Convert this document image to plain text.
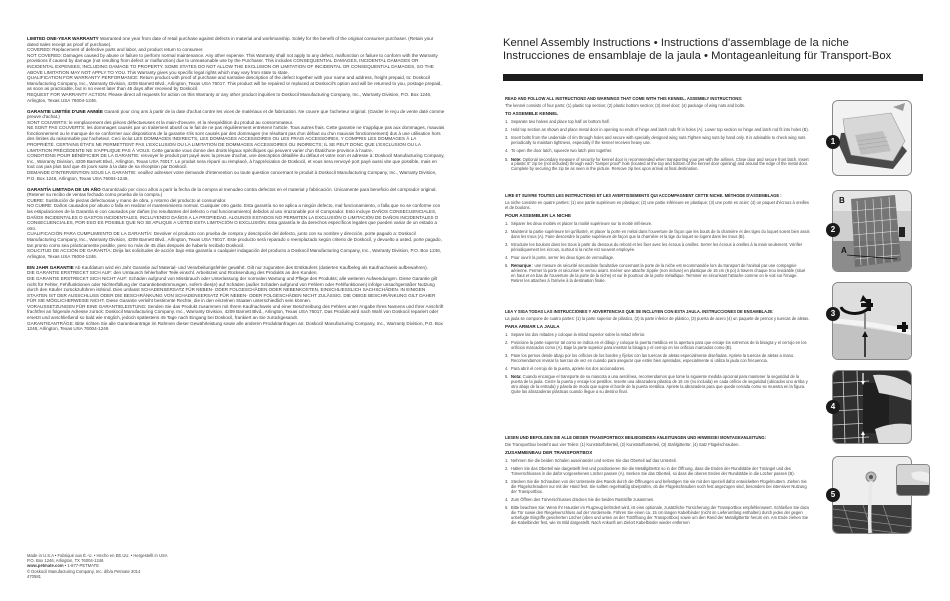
LIMITED ONE-YEAR WARRANTY Warranted one year from date of retail purchase against defects in material and workmanship. Solely for the benefit of the original consumer purchaser. (Retain your dated sales receipt as proof of purchase).

COVERED: Replacement of defective parts and labor, and product return to consumer.

NOT COVERED: Damages caused by abuse or failure to perform normal maintenance. Any other expense. This Warranty shall not apply to any defect, malfunction or failure to conform with the Warranty provisions if caused by damage (not resulting from defect or malfunction) due to unreasonable use by the Purchaser. This includes CONSEQUENTIAL DAMAGES, INCIDENTAL DAMAGES OR INCIDENTAL EXPENSES, INCLUDING DAMAGE TO PROPERTY. SOME STATES DO NOT ALLOW THE EXCLUSION OR LIMITATION OF INCIDENTAL OR CONSEQUENTIAL DAMAGES, SO THE ABOVE LIMITATION MAY NOT APPLY TO YOU. This Warranty gives you specific legal rights which may vary from state to state.

QUALIFICATION FOR WARRANTY PERFORMANCE: Return product with proof of purchase and narrative description of the defect together with your name and address, freight prepaid, to: Doskocil Manufacturing Company, Inc., Warranty Division, 4209 Barnett Blvd., Arlington, Texas USA 76017. This product will be repaired or replaced at Doskocil's option and will be returned to you, postage prepaid, as soon as practicable, but in no event later than 45 days after received by Doskocil.

REQUEST FOR WARRANTY ACTION: Please direct all requests for action on this Warranty or any other product inquiries to Doskocil Manufacturing Company, Inc., Warranty Division, P.O. Box 1246, Arlington, Texas USA 76004-1246.

GARANTIE LIMITÉE D'UNE ANNÉE Garanti pour cinq ans à partir de la date d'achat contre les vices de matériaux et de fabrication. Ne couvre que l'acheteur original. (Garder le reçu de vente daté comme preuve d'achat.)

SONT COUVERTS: le remplacement des pièces défectueuses et la main-d'oeuvre, et la réexpédition du produit au consommateur.

NE SONT PAS COUVERTS: les dommages causés par un traitement abusif ou le fait de ne pas régulièrement entretenir l'article. Tous autres frais. Cette garantie ne s'applique pas aux dommages, mauvais fonctionnement ou le manque de se conformer aux dispositions de la garantie s'ils sont causés par des dommages (ne résultant pas d'un défaut ou d'un mauvais fonctionnement) dus à une utilisation hors des limites du raisonnable par l'acheteur. Ceci inclut LES DOMMAGES INDIRECTS, LES DOMMAGES ACCESSOIRES OU LES FRAIS ACCESSOIRES, Y COMPRIS LES DOMMAGES À LA PROPRIÉTÉ. CERTAINS ÉTATS NE PERMETTENT PAS L'EXCLUSION OU LA LIMITATION DE DOMMAGES ACCESSOIRES OU INDIRECTS; IL SE PEUT DONC QUE L'EXCLUSION OU LA LIMITATION PRÉCÉDENTE NE S'APPLIQUE PAS À VOUS. Cette garantie vous donne des droits légaux spécifiques qui peuvent varier d'un État/d'une province à l'autre.

CONDITIONS POUR BÉNÉFICIER DE LA GARANTIE: renvoyer le produit port payé avec la preuve d'achat, une description détaillée du défaut et votre nom et adresse à: Doskocil Manufacturing Company, Inc., Warranty Division, 4209 Barnett Blvd., Arlington, Texas USA 76017. Le produit sera réparé ou remplacé, à l'appréciation de Doskocil, et vous sera renvoyé port payé aussi vite que possible, mais en tout cas pas plus tard que 45 jours suite à la date de sa réception par Doskocil.

DEMANDE D'INTERVENTION SOUS LA GARANTIE: veuillez adresser votre demande d'intervention ou toute question concernant le produit à Doskocil Manufacturing Company, Inc., Warranty Division, P.O. Box 1246, Arlington, Texas USA 76004-1246.

GARANTÍA LIMITADA DE UN AÑO Garantizado por cinco años a parir la fecha de la compra al menudeo contra defectos en el material y fabricación. Únicamente para beneficio del comprador original. (Retener su recibo de ventas fechado como prueba de la compra.)

CUBRE: Sustitución de piezas defectuosas y mano de obra, y retorno del producto al consumidor.

NO CUBRE: Daños causados por abuso o falla en realizar el mantenimiento normal. Cualquier otro gasto. Esta garantía no se aplica a ningún defecto, mal funcionamiento, o falla que no se conforme con las estipulaciones de la Garantía si con causados por daños (no resultantes del defecto o mal funcionamiento) debidos al uso irrazonable por el Comprador. Esto incluye DAÑOS CONSECUENCIALES, DAÑOS INCIDENTALES O GASTOS INCIDENTALES, INCLUYENDO DAÑOS A LA PROPIEDAD. ALGUNOS ESTADOS NO PERMITEN LA EXCLUSIÓN O LIMITACIÓN DE DAÑOS INCIDENTALES O CONSECUENCIALES, POR ESO ES POSIBLE QUE NO SE APLIQUE A USTED ESTA LIMITACIÓN O EXCLUSIÓN. Esta garantía le da derechos específicos legales que pueden variar de un estado a otro.

CUALIFICACIÓN PARA CUMPLIMIENTO DE LA GARANTÍA: Devolver el producto con prueba de compra y descripción del defecto, junto con su nombre y dirección, porte pagado a: Doskocil Manufacturing Company, Inc., Warranty Division, 4209 Barnett Blvd., Arlington, Texas USA 76017. Este producto será reparado o reemplazado según criterio de Doskocil, y devuelto a usted, porte pagado, tan pronto como sea prácticamente posible, pero no más de 45 días después de haberlo recibido Doskocil.

SOLICITUD DE ACCIÓN DE GARANTÍA: Dirija las solicitudes de acción bajo esta garantía o cualquier indagación del producto a Doskocil Manufacturing Company, Inc., Warranty Division, P.O. Box 1246, Arlington, Texas USA 76004-1246.

EIN JAHR GARANTIE Ab Kaufdatum wird ein Jahr Garantie auf Material- und Verarbeitungsfehler gewährt. Gilt nur zugunsten des Erstkäufers (datierten Kaufbeleg als Kaufnachweis aufbewahren).

DIE GARANTIE ERSTRECKT SICH AUF: den Umtausch fehlerhafter Teile einschl. Arbeitszeit und Rücksendung des Produkts an den Kunden.

DIE GARANTIE ERSTRECKT SICH NICHT AUF: Schäden aufgrund von Missbrauch oder Unterlassung der normalen Wartung und Pflege des Produkts; alle weiteren Aufwendungen. Diese Garantie gilt nicht für Fehler, Fehlfunktionen oder Nichterfüllung der Garantiebestimmungen, sofern dies(e) auf Schäden (außer Schäden aufgrund von Fehlern oder Fehlfunktionen) infolge unsachgemäßer Nutzung durch den Käufer zurückzuführen ist/sind. Dies umfasst SCHADENSERSATZ FÜR NEBEN- ODER FOLGESCHÄDEN ODER NEBENKOSTEN, EINSCHLIESSLICH SACHSCHÄDEN. IN EINIGEN STAATEN IST DER AUSSCHLUSS ODER DIE BESCHRÄNKUNG VON SCHADENSERSATZ FÜR NEBEN- ODER FOLGESCHÄDEN NICHT ZULÄSSIG. DIE OBIGE BESCHRÄNKUNG GILT DAHER FÜR SIE MÖGLICHERWEISE NICHT. Diese Garantie verleiht bestimmte Rechte, die in den einzelnen Staaten unterschiedlich sein können.

VORAUSSETZUNGEN FÜR EINE GARANTIELEISTUNG: Senden Sie das Produkt zusammen mit Ihrem Kaufnachweis und einer Beschreibung des Fehlers unter Angabe Ihres Namens und Ihrer Anschrift frachtfrei an folgende Adresse zurück: Doskocil Manufacturing Company, Inc., Warranty Division, 4209 Barnett Blvd., Arlington, Texas USA 76017. Das Produkt wird nach Wahl von Doskocil repariert oder ersetzt und anschließend so bald wie möglich, jedoch spätestens 45 Tage nach Eingang bei Doskocil, frankiert an Sie zurückgesandt.

GARANTIEANTRÄGE: Bitte richten Sie alle Garantieanträge im Rahmen dieser Gewährleistung sowie alle anderen Produktanfragen an: Doskocil Manufacturing Company, Inc., Warranty Division, P.O. Box 1246, Arlington, Texas USA 76004-1246

Made in U.S.A • Fabriqué aux É.-U. • Hecho en EE.UU. • Hergestellt in USA
P.O. Box 1246, Arlington, TX 76004-1246
www.petmate.com • 1-877-PETMATE
© Doskocil Manufacturing Company, Inc. d/b/a Petmate 2014
470581
Kennel Assembly Instructions • Instructions d'assemblage de la niche
Instrucciones de ensamblaje de la jaula • Montageanleitung für Transport-Box
READ AND FOLLOW ALL INSTRUCTIONS AND WARNINGS THAT COME WITH THIS KENNEL. ASSEMBLY INSTRUCTIONS:
The kennel consists of four parts: (1) plastic top section; (2) plastic bottom section; (3) steel door; (4) package of wing nuts and bolts.
TO ASSEMBLE KENNEL
1. Separate two halves and place top half on bottom half.
2. Hold top section as shown and place metal door in opening so ends of hinge and latch rods fit in holes (A). Lower top section so hinge and latch rod fit into holes (B).
3. Insert bolts from the underside of rim through holes and secure with specially designed wing nuts.Tighten wing nuts by hand only. It is advisable to check wing nuts periodically to maintain tightness, especially if the kennel receives heavy use.
4. To open the door latch, squeeze two latch pins together.
5. Note: Optional secondary measure of security for kennel door is recommended when transporting your pet with the airlines. Close door and secure front latch. Insert a plastic 6" zip tie (not included) through each "tamper proof" hole (located at the top and bottom of the kennel door opening) and around the edge of the metal door. Complete by securing the zip tie as seen in the picture. Remove zip ties upon arrival at final destination.
LIRE ET SUIVRE TOUTES LES INSTRUCTIONS ET LES AVERTISSEMENTS QUI ACCOMPAGNENT CETTE NICHE. MÉTHODE D'ASSEMBLAGE :
La niche consiste en quatre parties: (1) une partie supérieure en plastique; (2) une partie inférieure en plastique; (3) une porte en acier; (4) un paquet d'écrous à oreilles et de boulons.
POUR ASSEMBLER LA NICHE
1. Séparer les deux moitiés et placer la moitié supérieure sur la moitié inférieure.
2. Maintenir la partie supérieure tel qu'illustré, et placer la porte en métal dans l'ouverture de façon que les bouts de la charnière et des tiges du loquet soient bien assis dans les trous (A). Faire descendre la partie supérieure de façon que la charnière et la tige du loquet se logent dans les trous (B).
3. Introduire les boulons dans les trous à partir du dessous du rebord et les fixer avec les écrous à oreilles. Serrer les écrous à oreilles à la main seulement. Vérifier périodiquement les écrous, surtout si la niche est souvent employée.
4. Pour ouvrir la porte, serrer les deux tiges de verrouillage.
5. Remarque : une mesure de sécurité secondaire facultative concernant la porte de la niche est recommandée lors du transport de l'animal par une compagnie aérienne. Fermer la porte et sécuriser le verrou avant. Insérer une attache zippée (non incluse) en plastique de 15 cm (6 po) à travers chaque trou inviolable (situé en haut et en bas de l'ouverture de la porte de la niche) et sur le pourtour de la porte métallique. Terminer en sécurisant l'attache comme on le voit sur l'image. Retirer les attaches à l'arrivée à la destination finale.
LEA Y SIGA TODAS LAS INSTRUCCIONES Y ADVERTENCIAS QUE SE INCLUYEN CON ESTA JAULA. INSTRUCCIONES DE ENSAMBLAJE:
La jaula se compone de cuatro partes: (1) la parte superior de plástico, (2) la parte inferior de plástico, (3) puerta de acero (4) un paquete de pernos y tuercas de aletas.
PARA ARMAR LA JAULA
1. Separe las dos mitades y coloque la mitad superior sobre la mitad inferior.
2. Posicione la parte superior tal como se indica en el dibujo y coloque la puerta metálica en la apertura para que encaje los extremos de la bisagra y el cerrojo en los orificios marcados como (A). Baje la parte superior para insertar la bisagra y el cerrojo en los orificios marcados como (B).
3. Pase los pernos desde abajo por los orificios de los bordes y fíjelos con las tuercas de aletas especialmente diseñadas. Apriete la tuercas de aletas a mano. Recomendamos revisar la tuercas de vez en cuando para asegurar que estén bien apretadas, especialmente si utiliza la jaula con frecuencia.
4. Para abrir el cerrojo de la puerta, apriete los dos accionadores.
5. Nota: Cuando encargue el transporte de su mascota a una aerolínea, recomendamos que tome la siguiente medida opcional para mantener la seguridad de la puerta de la jaula. Cierre la puerta y encaje los pestillos. Inserte una abrazadera plástica de 15 cm (no incluida) en cada orificio de seguridad (ubicados uno arriba y otro abajo de la entrada) y pásela de modo que sujete el borde de la puerta metálica. Apriete la abrazadera para que quede cerrada como se muestra en la figura. Quite las abrazaderas plásticas cuando llegue a su destino final.
LESEN UND BEFOLGEN SIE ALLE DIESER TRANSPORTBOX BEILIEGENDEN ANLEITUNGEN UND HINWEISE! MONTAGEANLEITUNG:
Die Transportbox besteht aus vier Teilen: (1) Kunststoffoberteil, (2) Kunststoffunterteil, (3) Stahlgittertür, (4) Satz Flügelschrauben.
ZUSAMMENBAU DER TRANSPORTBOX
1. Nehmen Sie die beiden Schalen auseinander und setzen Sie das Oberteil auf das Unterteil.
2. Halten Sie das Oberteil wie dargestellt fest und positionieren Sie die Metallgittertür so in der Öffnung, dass die Enden der Rundstäbe der Türangel und des Türverschlusses in die dafür vorgesehenen Löcher passen (A). Senken Sie das Oberteil, so dass die oberen Enden der Rundstäbe in die Löcher passen (B).
3. Stecken Sie die Schrauben von der Unterseite des Rands durch die Öffnungen und befestigen Sie sie mit den speziell dafür entwickelten Flügelmuttern. Ziehen Sie die Flügelschrauben nur mit der Hand fest. Sie sollten regelmäßig überprüfen, ob die Flügelschrauben noch fest angezogen sind, besonders bei intensiver Nutzung der Transportbox.
4. Zum Öffnen des Türverschlusses drücken Sie die beiden Raststifte zusammen.
5. Bitte beachten Sie: Wenn Ihr Haustier im Flugzeug befördert wird, ist eine optionale, zusätzliche Türsicherung der Transportbox empfehlenswert. Schließen Sie dazu die Tür sowie den Riegelverschluss auf der Vorderseite. Führen Sie einen ca. 15 cm langen Kabelbinder (nicht im Lieferumfang enthalten) durch jedes der gegen unbefugte Eingriffe gesicherten Löcher (oben und unten an der Türöffnung der Transportbox) sowie um den Rand der Metallgittertür herum ein. Am Ende ziehen Sie die Kabelbinder fest, wie im Bild dargestellt. Nach Ankunft am Zielort Kabelbinder wieder entfernen
1
B
A
2
3
4
5
